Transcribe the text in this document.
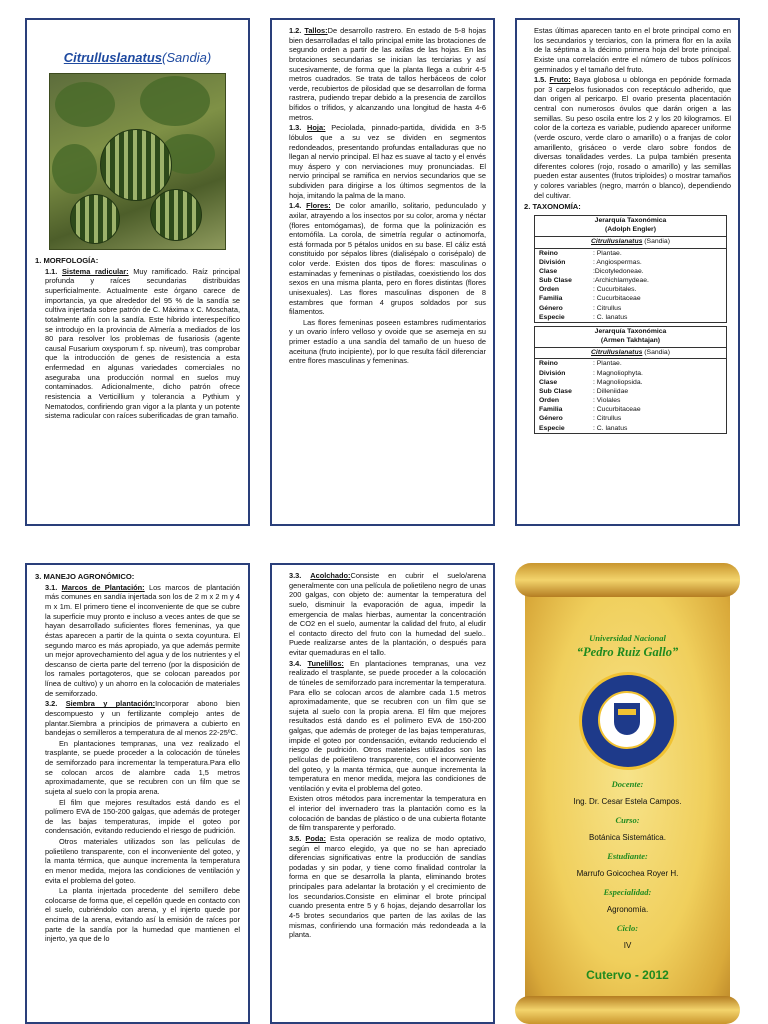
Citrulluslanatus(Sandia)
1. MORFOLOGÍA:

1.1. Sistema radicular: Muy ramificado. Raíz principal profunda y raíces secundarias distribuidas superficialmente. Actualmente este órgano carece de importancia, ya que alrededor del 95 % de la sandía se cultiva injertada sobre patrón de C. Máxima x C. Moschata, totalmente afín con la sandía. Este híbrido interespecífico se introdujo en la provincia de Almería a mediados de los 80 para resolver los problemas de fusariosis (agente causal Fusarium oxysporum f. sp. niveum), tras comprobar que la introducción de genes de resistencia a esta enfermedad en algunas variedades comerciales no aseguraba una producción normal en suelos muy contaminados. Adicionalmente, dicho patrón ofrece resistencia a Verticillium y tolerancia a Pythium y Nematodos, confiriendo gran vigor a la planta y un potente sistema radicular con raíces suberificadas de gran tamaño.

1.2. Tallos:De desarrollo rastrero. En estado de 5-8 hojas bien desarrolladas el tallo principal emite las brotaciones de segundo orden a partir de las axilas de las hojas. En las brotaciones secundarias se inician las terciarias y así sucesivamente, de forma que la planta llega a cubrir 4-5 metros cuadrados. Se trata de tallos herbáceos de color verde, recubiertos de pilosidad que se desarrollan de forma rastrera, pudiendo trepar debido a la presencia de zarcillos bífidos o trífidos, y alcanzando una longitud de hasta 4-6 metros.

1.3. Hoja: Peciolada, pinnado-partida, dividida en 3-5 lóbulos que a su vez se dividen en segmentos redondeados, presentando profundas entalladuras que no llegan al nervio principal. El haz es suave al tacto y el envés muy áspero y con nerviaciones muy pronunciadas. El nervio principal se ramifica en nervios secundarios que se subdividen para dirigirse a los últimos segmentos de la hoja, imitando la palma de la mano.

1.4. Flores: De color amarillo, solitario, pedunculado y axilar, atrayendo a los insectos por su color, aroma y néctar (flores entomógamas), de forma que la polinización es entomófila. La corola, de simetría regular o actinomorfa, está formada por 5 pétalos unidos en su base. El cáliz está constituido por sépalos libres (dialisépalo o corisépalo) de color verde. Existen dos tipos de flores: masculinas o estaminadas y femeninas o pistiladas, coexistiendo los dos sexos en una misma planta, pero en flores distintas (flores unisexuales). Las flores masculinas disponen de 8 estambres que forman 4 grupos soldados por sus filamentos.

Las flores femeninas poseen estambres rudimentarios y un ovario ínfero velloso y ovoide que se asemeja en su primer estadío a una sandía del tamaño de un hueso de aceituna (fruto incipiente), por lo que resulta fácil diferenciar entre flores masculinas y femeninas.

Estas últimas aparecen tanto en el brote principal como en los secundarios y terciarios, con la primera flor en la axila de la séptima a la décimo primera hoja del brote principal. Existe una correlación entre el número de tubos polínicos germinados y el tamaño del fruto.

1.5. Fruto: Baya globosa u oblonga en pepónide formada por 3 carpelos fusionados con receptáculo adherido, que dan origen al pericarpo. El ovario presenta placentación central con numerosos óvulos que darán origen a las semillas. Su peso oscila entre los 2 y los 20 kilogramos. El color de la corteza es variable, pudiendo aparecer uniforme (verde oscuro, verde claro o amarillo) o a franjas de color amarillento, grisáceo o verde claro sobre fondos de diversas tonalidades verdes. La pulpa también presenta diferentes colores (rojo, rosado o amarillo) y las semillas pueden estar ausentes (frutos triploides) o mostrar tamaños y colores variables (negro, marrón o blanco), dependiendo del cultivar.

2. TAXONOMÍA:
Jerarquía Taxonómica
(Adolph Engler)
Citrulluslanatus (Sandia)
Reino	: Plantae.
División	: Angiospermas.
Clase	:Dicotyledoneae.
Sub Clase	:Archichlamydeae.
Orden	: Cucurbitales.
Familia	: Cucurbitaceae
Género	: Citrullus
Especie	: C. lanatus
Jerarquía Taxonómica
(Armen Takhtajan)
Citrulluslanatus (Sandia)
Reino	: Plantae.
División	: Magnoliophyta.
Clase	: Magnoliopsida.
Sub Clase	: Dilleniidae
Orden	: Violales
Familia	: Cucurbitaceae
Género	: Citrullus
Especie	: C. lanatus
3. MANEJO AGRONÓMICO:

3.1. Marcos de Plantación: Los marcos de plantación más comunes en sandía injertada son los de 2 m x 2 m y 4 m x 1m. El primero tiene el inconveniente de que se cubre la superficie muy pronto e incluso a veces antes de que se hayan desarrollado suficientes flores femeninas, ya que éstas aparecen a partir de la quinta o sexta coyuntura. El segundo marco es más apropiado, ya que además permite un mejor aprovechamiento del agua y de los nutrientes y el descanso de cierta parte del terreno (por la disposición de los ramales portagoteros, que se colocan pareados por línea de cultivo) y un ahorro en la colocación de materiales de semiforzado.

3.2. Siembra y plantación:Incorporar abono bien descompuesto y un fertilizante complejo antes de plantar.Siembra a principios de primavera a cubierto en bandejas o semilleros a temperatura de al menos 22-25ºC.

En plantaciones tempranas, una vez realizado el trasplante, se puede proceder a la colocación de túneles de semiforzado para incrementar la temperatura.Para ello se colocan arcos de alambre cada 1,5 metros aproximadamente, que se recubren con un film que se sujeta al suelo con la propia arena.

El film que mejores resultados está dando es el polímero EVA de 150-200 galgas, que además de proteger de las bajas temperaturas, impide el goteo por condensación, evitando reduciendo el riesgo de pudrición.

Otros materiales utilizados son las películas de polietileno transparente, con el inconveniente del goteo, y la manta térmica, que aunque incrementa la temperatura en menor medida, mejora las condiciones de ventilación y evita el problema del goteo.

La planta injertada procedente del semillero debe colocarse de forma que, el cepellón quede en contacto con el suelo, cubriéndolo con arena, y el injerto quede por encima de la arena, evitando así la emisión de raíces por parte de la sandía por la humedad que mantienen el injerto, ya que de lo

3.3. Acolchado:Consiste en cubrir el suelo/arena generalmente con una película de polietileno negro de unas 200 galgas, con objeto de: aumentar la temperatura del suelo, disminuir la evaporación de agua, impedir la emergencia de malas hierbas, aumentar la concentración de CO2 en el suelo, aumentar la calidad del fruto, al eludir el contacto directo del fruto con la humedad del suelo.. Puede realizarse antes de la plantación, o después para evitar quemaduras en el tallo.

3.4. Tunelillos: En plantaciones tempranas, una vez realizado el trasplante, se puede proceder a la colocación de túneles de semiforzado para incrementar la temperatura. Para ello se colocan arcos de alambre cada 1.5 metros aproximadamente, que se recubren con un film que se sujeta al suelo con la propia arena. El film que mejores resultados está dando es el polímero EVA de 150-200 galgas, que además de proteger de las bajas temperaturas, impide el goteo por condensación, evitando reduciendo el riesgo de pudrición. Otros materiales utilizados son las películas de polietileno transparente, con el inconveniente del goteo, y la manta térmica, que aunque incrementa la temperatura en menor medida, mejora las condiciones de ventilación y evita el problema del goteo.

Existen otros métodos para incrementar la temperatura en el interior del invernadero tras la plantación como es la colocación de bandas de plástico o de una cubierta flotante de film transparente y perforado.

3.5. Poda: Esta operación se realiza de modo optativo, según el marco elegido, ya que no se han apreciado diferencias significativas entre la producción de sandías podadas y sin podar, y tiene como finalidad controlar la forma en que se desarrolla la planta, eliminando brotes principales para adelantar la brotación y el crecimiento de los secundarios.Consiste en eliminar el brote principal cuando presenta entre 5 y 6 hojas, dejando desarrollar los 4-5 brotes secundarios que parten de las axilas de las mismas, confiriendo una formación más redondeada a la planta.

Universidad Nacional
“Pedro Ruiz Gallo”
Docente:
Ing. Dr. Cesar Estela Campos.
Curso:
Botánica Sistemática.
Estudiante:
Marrufo Goicochea Royer H.
Especialidad:
Agronomía.
Ciclo:
IV
Cutervo - 2012
